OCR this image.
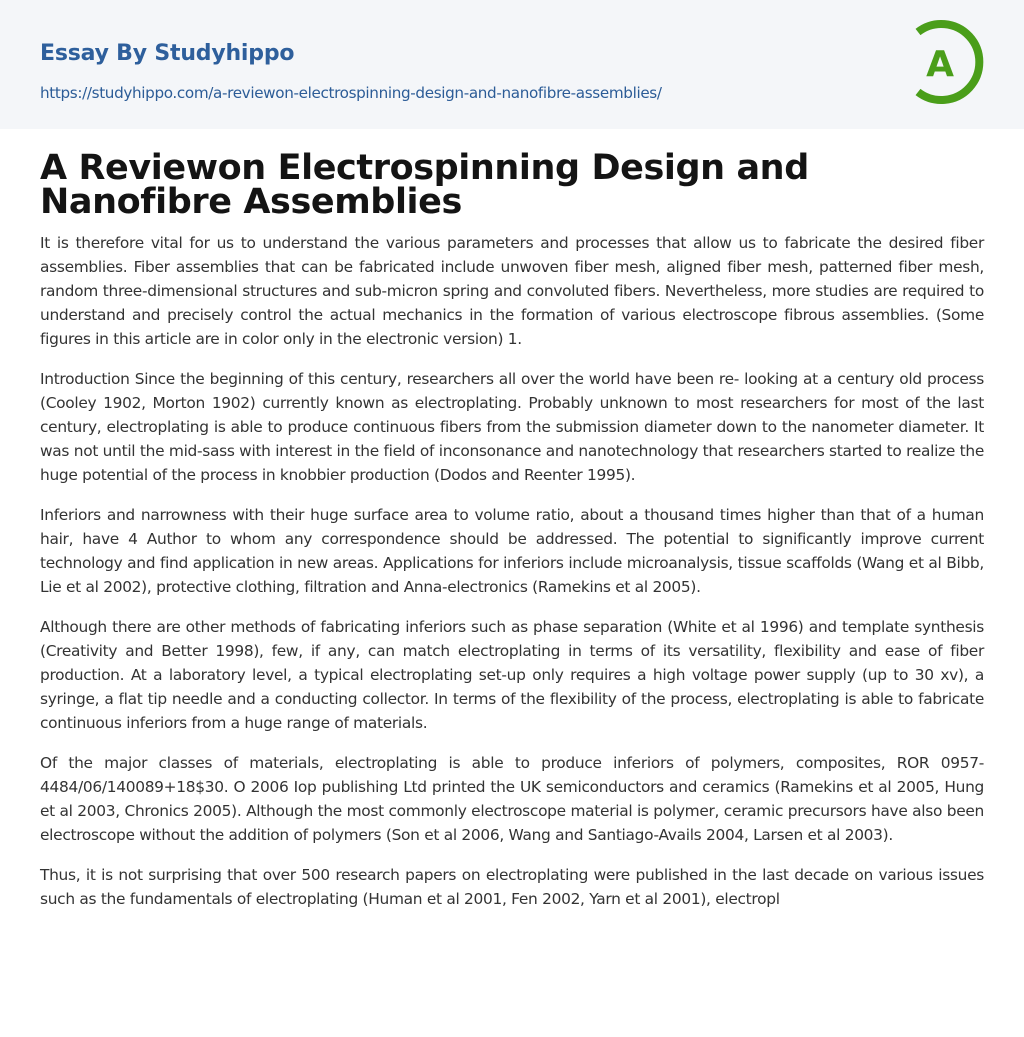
Essay By Studyhippo
https://studyhippo.com/a-reviewon-electrospinning-design-and-nanofibre-assemblies/
A
A Reviewon Electrospinning Design and Nanofibre Assemblies

It is therefore vital for us to understand the various parameters and processes that allow us to fabricate the desired fiber assemblies. Fiber assemblies that can be fabricated include unwoven fiber mesh, aligned fiber mesh, patterned fiber mesh, random three-dimensional structures and sub-micron spring and convoluted fibers. Nevertheless, more studies are required to understand and precisely control the actual mechanics in the formation of various electroscope fibrous assemblies. (Some figures in this article are in color only in the electronic version) 1.

Introduction Since the beginning of this century, researchers all over the world have been re- looking at a century old process (Cooley 1902, Morton 1902) currently known as electroplating. Probably unknown to most researchers for most of the last century, electroplating is able to produce continuous fibers from the submission diameter down to the nanometer diameter. It was not until the mid-sass with interest in the field of inconsonance and nanotechnology that researchers started to realize the huge potential of the process in knobbier production (Dodos and Reenter 1995).

Inferiors and narrowness with their huge surface area to volume ratio, about a thousand times higher than that of a human hair, have 4 Author to whom any correspondence should be addressed. The potential to significantly improve current technology and find application in new areas. Applications for inferiors include microanalysis, tissue scaffolds (Wang et al Bibb, Lie et al 2002), protective clothing, filtration and Anna-electronics (Ramekins et al 2005).

Although there are other methods of fabricating inferiors such as phase separation (White et al 1996) and template synthesis (Creativity and Better 1998), few, if any, can match electroplating in terms of its versatility, flexibility and ease of fiber production. At a laboratory level, a typical electroplating set-up only requires a high voltage power supply (up to 30 xv), a syringe, a flat tip needle and a conducting collector. In terms of the flexibility of the process, electroplating is able to fabricate continuous inferiors from a huge range of materials.

Of the major classes of materials, electroplating is able to produce inferiors of polymers, composites, ROR 0957-4484/06/140089+18$30. O 2006 Iop publishing Ltd printed the UK semiconductors and ceramics (Ramekins et al 2005, Hung et al 2003, Chronics 2005). Although the most commonly electroscope material is polymer, ceramic precursors have also been electroscope without the addition of polymers (Son et al 2006, Wang and Santiago-Avails 2004, Larsen et al 2003).

Thus, it is not surprising that over 500 research papers on electroplating were published in the last decade on various issues such as the fundamentals of electroplating (Human et al 2001, Fen 2002, Yarn et al 2001), electropl
